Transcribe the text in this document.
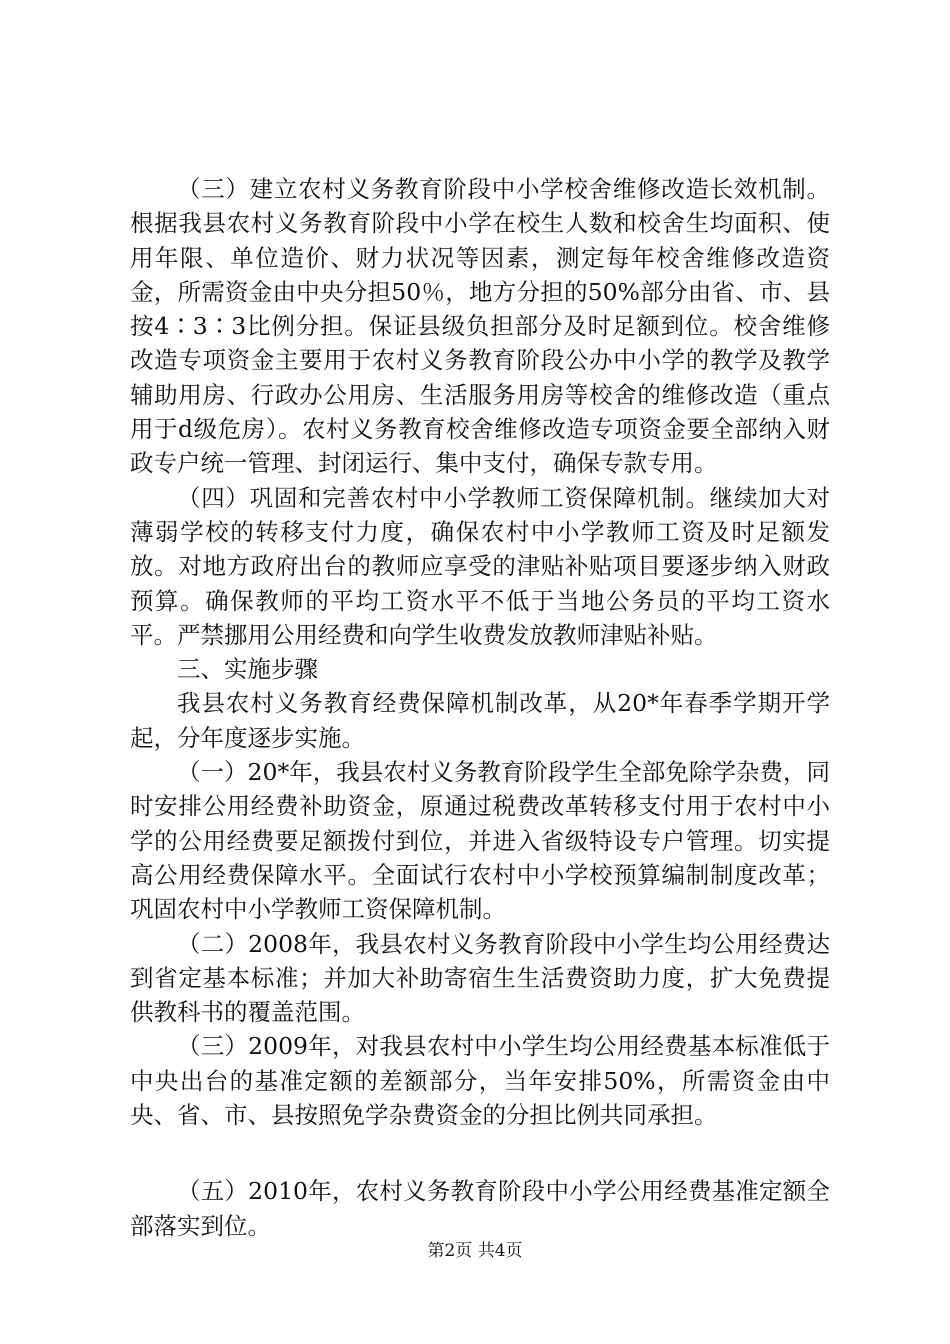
（三）建立农村义务教育阶段中小学校舍维修改造长效机制。根据我县农村义务教育阶段中小学在校生人数和校舍生均面积、使用年限、单位造价、财力状况等因素，测定每年校舍维修改造资金，所需资金由中央分担50％，地方分担的50%部分由省、市、县按4∶3∶3比例分担。保证县级负担部分及时足额到位。校舍维修改造专项资金主要用于农村义务教育阶段公办中小学的教学及教学辅助用房、行政办公用房、生活服务用房等校舍的维修改造（重点用于d级危房）。农村义务教育校舍维修改造专项资金要全部纳入财政专户统一管理、封闭运行、集中支付，确保专款专用。

（四）巩固和完善农村中小学教师工资保障机制。继续加大对薄弱学校的转移支付力度，确保农村中小学教师工资及时足额发放。对地方政府出台的教师应享受的津贴补贴项目要逐步纳入财政预算。确保教师的平均工资水平不低于当地公务员的平均工资水平。严禁挪用公用经费和向学生收费发放教师津贴补贴。

三、实施步骤

我县农村义务教育经费保障机制改革，从20*年春季学期开学起，分年度逐步实施。

（一）20*年，我县农村义务教育阶段学生全部免除学杂费，同时安排公用经费补助资金，原通过税费改革转移支付用于农村中小学的公用经费要足额拨付到位，并进入省级特设专户管理。切实提高公用经费保障水平。全面试行农村中小学校预算编制制度改革；巩固农村中小学教师工资保障机制。

（二）2008年，我县农村义务教育阶段中小学生均公用经费达到省定基本标准；并加大补助寄宿生生活费资助力度，扩大免费提供教科书的覆盖范围。

（三）2009年，对我县农村中小学生均公用经费基本标准低于中央出台的基准定额的差额部分，当年安排50%，所需资金由中央、省、市、县按照免学杂费资金的分担比例共同承担。

（五）2010年，农村义务教育阶段中小学公用经费基准定额全部落实到位。

第2页 共4页
